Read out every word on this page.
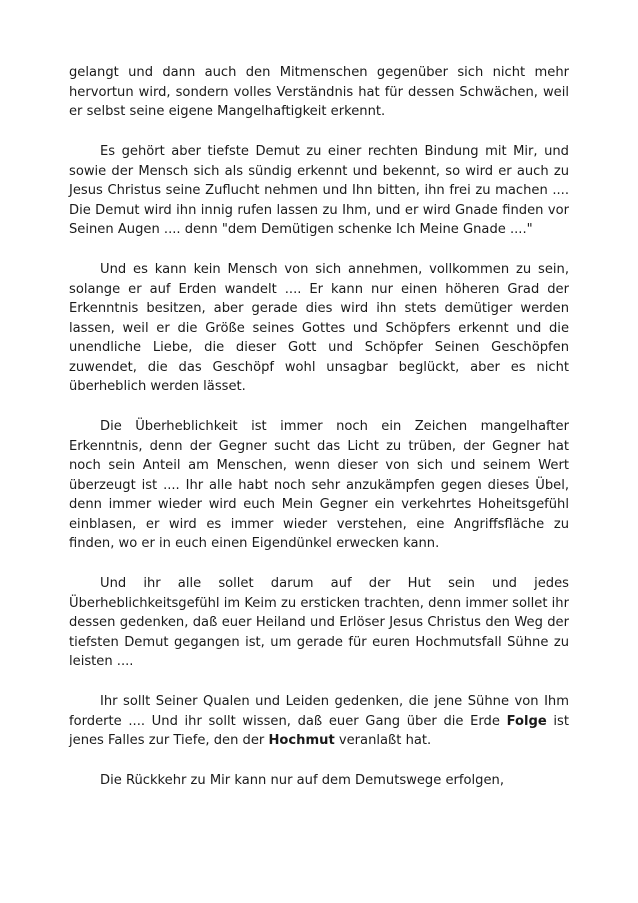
gelangt und dann auch den Mitmenschen gegenüber sich nicht mehr hervortun wird, sondern volles Verständnis hat für dessen Schwächen, weil er selbst seine eigene Mangelhaftigkeit erkennt.

Es gehört aber tiefste Demut zu einer rechten Bindung mit Mir, und sowie der Mensch sich als sündig erkennt und bekennt, so wird er auch zu Jesus Christus seine Zuflucht nehmen und Ihn bitten, ihn frei zu machen .... Die Demut wird ihn innig rufen lassen zu Ihm, und er wird Gnade finden vor Seinen Augen .... denn "dem Demütigen schenke Ich Meine Gnade ...."

Und es kann kein Mensch von sich annehmen, vollkommen zu sein, solange er auf Erden wandelt .... Er kann nur einen höheren Grad der Erkenntnis besitzen, aber gerade dies wird ihn stets demütiger werden lassen, weil er die Größe seines Gottes und Schöpfers erkennt und die unendliche Liebe, die dieser Gott und Schöpfer Seinen Geschöpfen zuwendet, die das Geschöpf wohl unsagbar beglückt, aber es nicht überheblich werden lässet.

Die Überheblichkeit ist immer noch ein Zeichen mangelhafter Erkenntnis, denn der Gegner sucht das Licht zu trüben, der Gegner hat noch sein Anteil am Menschen, wenn dieser von sich und seinem Wert überzeugt ist .... Ihr alle habt noch sehr anzukämpfen gegen dieses Übel, denn immer wieder wird euch Mein Gegner ein verkehrtes Hoheitsgefühl einblasen, er wird es immer wieder verstehen, eine Angriffsfläche zu finden, wo er in euch einen Eigendünkel erwecken kann.

Und ihr alle sollet darum auf der Hut sein und jedes Überheblichkeitsgefühl im Keim zu ersticken trachten, denn immer sollet ihr dessen gedenken, daß euer Heiland und Erlöser Jesus Christus den Weg der tiefsten Demut gegangen ist, um gerade für euren Hochmutsfall Sühne zu leisten ....

Ihr sollt Seiner Qualen und Leiden gedenken, die jene Sühne von Ihm forderte .... Und ihr sollt wissen, daß euer Gang über die Erde Folge ist jenes Falles zur Tiefe, den der Hochmut veranlaßt hat.

Die Rückkehr zu Mir kann nur auf dem Demutswege erfolgen,
